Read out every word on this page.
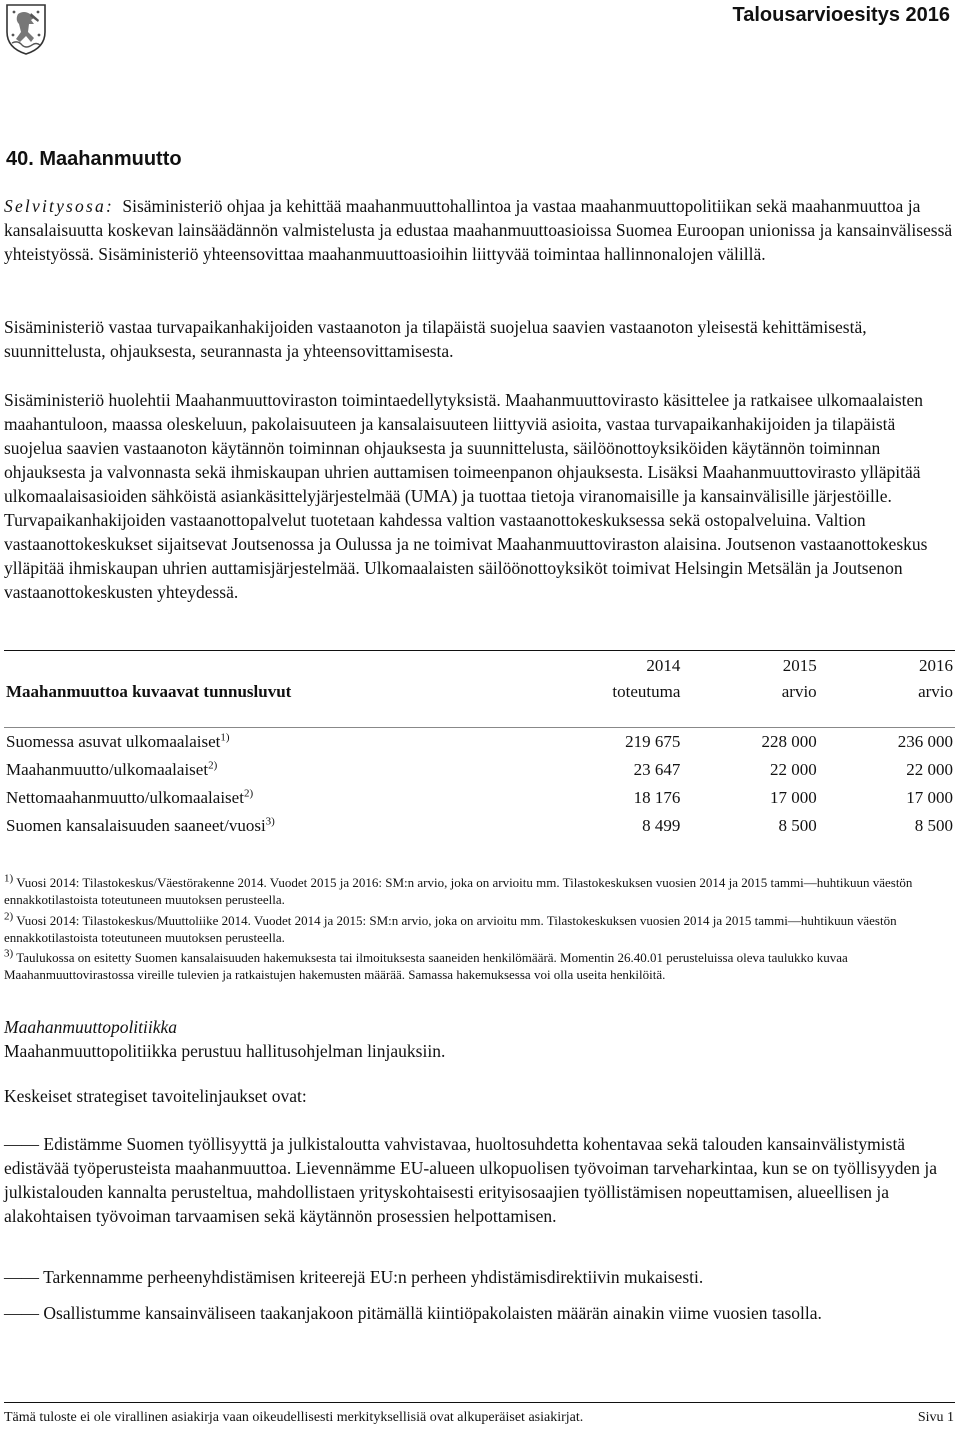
Talousarvioesitys 2016
40. Maahanmuutto

Selvitysosa: Sisäministeriö ohjaa ja kehittää maahanmuuttohallintoa ja vastaa maahanmuuttopolitiikan sekä maahanmuuttoa ja kansalaisuutta koskevan lainsäädännön valmistelusta ja edustaa maahanmuuttoasioissa Suomea Euroopan unionissa ja kansainvälisessä yhteistyössä. Sisäministeriö yhteensovittaa maahanmuuttoasioihin liittyvää toimintaa hallinnonalojen välillä.

Sisäministeriö vastaa turvapaikanhakijoiden vastaanoton ja tilapäistä suojelua saavien vastaanoton yleisestä kehittämisestä, suunnittelusta, ohjauksesta, seurannasta ja yhteensovittamisesta.
Sisäministeriö huolehtii Maahanmuuttoviraston toimintaedellytyksistä. Maahanmuuttovirasto käsittelee ja ratkaisee ulkomaalaisten maahantuloon, maassa oleskeluun, pakolaisuuteen ja kansalaisuuteen liittyviä asioita, vastaa turvapaikanhakijoiden ja tilapäistä suojelua saavien vastaanoton käytännön toiminnan ohjauksesta ja suunnittelusta, säilöönottoyksiköiden käytännön toiminnan ohjauksesta ja valvonnasta sekä ihmiskaupan uhrien auttamisen toimeenpanon ohjauksesta. Lisäksi Maahanmuuttovirasto ylläpitää ulkomaalaisasioiden sähköistä asiankäsittelyjärjestelmää (UMA) ja tuottaa tietoja viranomaisille ja kansainvälisille järjestöille. Turvapaikanhakijoiden vastaanottopalvelut tuotetaan kahdessa valtion vastaanottokeskuksessa sekä ostopalveluina. Valtion vastaanottokeskukset sijaitsevat Joutsenossa ja Oulussa ja ne toimivat Maahanmuuttoviraston alaisina. Joutsenon vastaanottokeskus ylläpitää ihmiskaupan uhrien auttamisjärjestelmää. Ulkomaalaisten säilöönottoyksiköt toimivat Helsingin Metsälän ja Joutsenon vastaanottokeskusten yhteydessä.
	2014	2015	2016
Maahanmuuttoa kuvaavat tunnusluvut	toteutuma	arvio	arvio

Suomessa asuvat ulkomaalaiset$^{1)}$	219 675	228 000	236 000
Maahanmuutto/ulkomaalaiset$^{2)}$	23 647	22 000	22 000
Nettomaahanmuutto/ulkomaalaiset$^{2)}$	18 176	17 000	17 000
Suomen kansalaisuuden saaneet/vuosi$^{3)}$	8 499	8 500	8 500

$^{1)}$ Vuosi 2014: Tilastokeskus/Väestörakenne 2014. Vuodet 2015 ja 2016: SM:n arvio, joka on arvioitu mm. Tilastokeskuksen vuosien 2014 ja 2015 tammi—huhtikuun väestön ennakkotilastoista toteutuneen muutoksen perusteella.

$^{2)}$ Vuosi 2014: Tilastokeskus/Muuttoliike 2014. Vuodet 2014 ja 2015: SM:n arvio, joka on arvioitu mm. Tilastokeskuksen vuosien 2014 ja 2015 tammi—huhtikuun väestön ennakkotilastoista toteutuneen muutoksen perusteella.

$^{3)}$ Taulukossa on esitetty Suomen kansalaisuuden hakemuksesta tai ilmoituksesta saaneiden henkilömäärä. Momentin 26.40.01 perusteluissa oleva taulukko kuvaa Maahanmuuttovirastossa vireille tulevien ja ratkaistujen hakemusten määrää. Samassa hakemuksessa voi olla useita henkilöitä.

Maahanmuuttopolitiikka

Maahanmuuttopolitiikka perustuu hallitusohjelman linjauksiin.

Keskeiset strategiset tavoitelinjaukset ovat:

—— Edistämme Suomen työllisyyttä ja julkistaloutta vahvistavaa, huoltosuhdetta kohentavaa sekä talouden kansainvälistymistä edistävää työperusteista maahanmuuttoa. Lievennämme EU-alueen ulkopuolisen työvoiman tarveharkintaa, kun se on työllisyyden ja julkistalouden kannalta perusteltua, mahdollistaen yrityskohtaisesti erityisosaajien työllistämisen nopeuttamisen, alueellisen ja alakohtaisen työvoiman tarvaamisen sekä käytännön prosessien helpottamisen.

—— Tarkennamme perheenyhdistämisen kriteerejä EU:n perheen yhdistämisdirektiivin mukaisesti.

—— Osallistumme kansainväliseen taakanjakoon pitämällä kiintiöpakolaisten määrän ainakin viime vuosien tasolla.

Tämä tuloste ei ole virallinen asiakirja vaan oikeudellisesti merkityksellisiä ovat alkuperäiset asiakirjat.	Sivu 1
